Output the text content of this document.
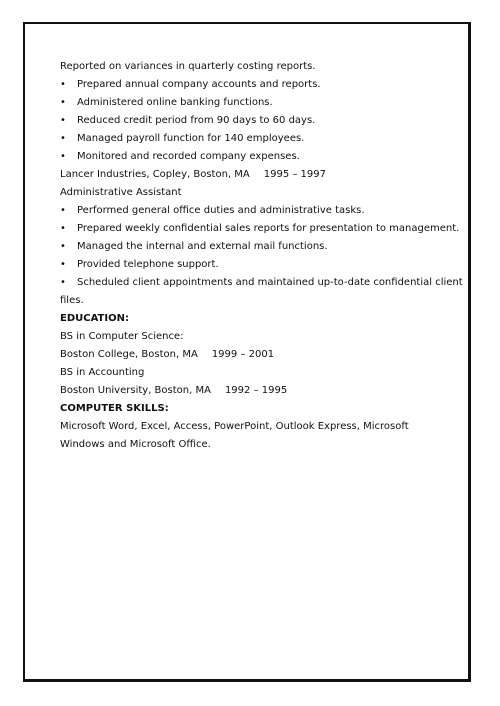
Reported on variances in quarterly costing reports.

• Prepared annual company accounts and reports.

• Administered online banking functions.

• Reduced credit period from 90 days to 60 days.

• Managed payroll function for 140 employees.

• Monitored and recorded company expenses.

Lancer Industries, Copley, Boston, MA 1995 – 1997

Administrative Assistant

• Performed general office duties and administrative tasks.

• Prepared weekly confidential sales reports for presentation to management.

• Managed the internal and external mail functions.

• Provided telephone support.

• Scheduled client appointments and maintained up-to-date confidential client

files.

EDUCATION:

BS in Computer Science:

Boston College, Boston, MA 1999 – 2001

BS in Accounting

Boston University, Boston, MA 1992 – 1995

COMPUTER SKILLS:

Microsoft Word, Excel, Access, PowerPoint, Outlook Express, Microsoft Windows and Microsoft Office.
